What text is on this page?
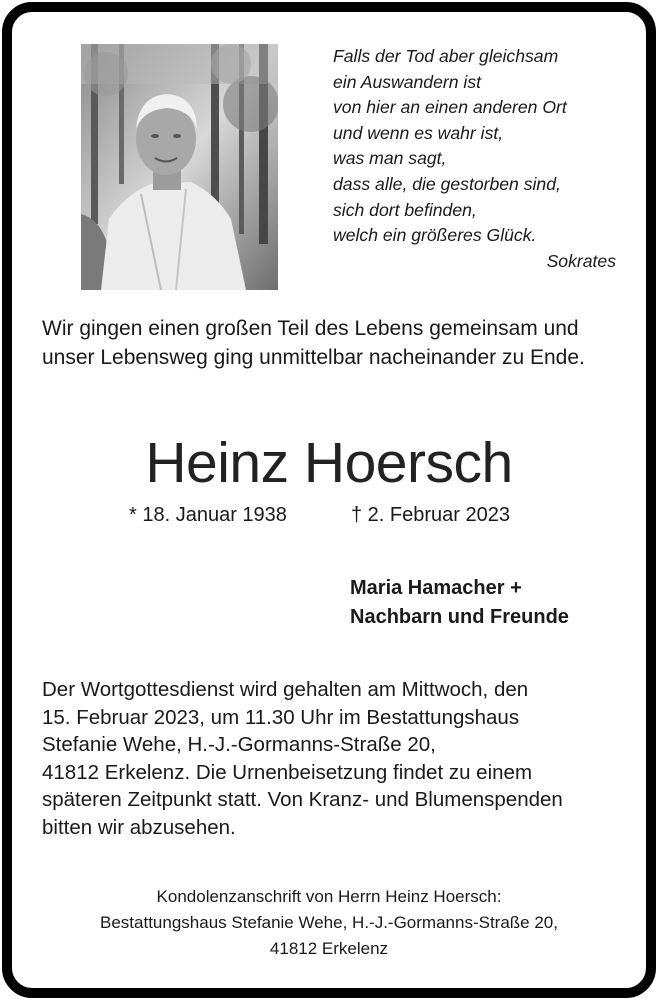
Falls der Tod aber gleichsam
ein Auswandern ist
von hier an einen anderen Ort
und wenn es wahr ist,
was man sagt,
dass alle, die gestorben sind,
sich dort befinden,
welch ein größeres Glück.
Sokrates
Wir gingen einen großen Teil des Lebens gemeinsam und
unser Lebensweg ging unmittelbar nacheinander zu Ende.
Heinz Hoersch
* 18. Januar 1938	† 2. Februar 2023
Maria Hamacher +
Nachbarn und Freunde
Der Wortgottesdienst wird gehalten am Mittwoch, den
15. Februar 2023, um 11.30 Uhr im Bestattungshaus
Stefanie Wehe, H.-J.-Gormanns-Straße 20,
41812 Erkelenz. Die Urnenbeisetzung findet zu einem
späteren Zeitpunkt statt. Von Kranz- und Blumenspenden
bitten wir abzusehen.
Kondolenzanschrift von Herrn Heinz Hoersch:
Bestattungshaus Stefanie Wehe, H.-J.-Gormanns-Straße 20,
41812 Erkelenz
